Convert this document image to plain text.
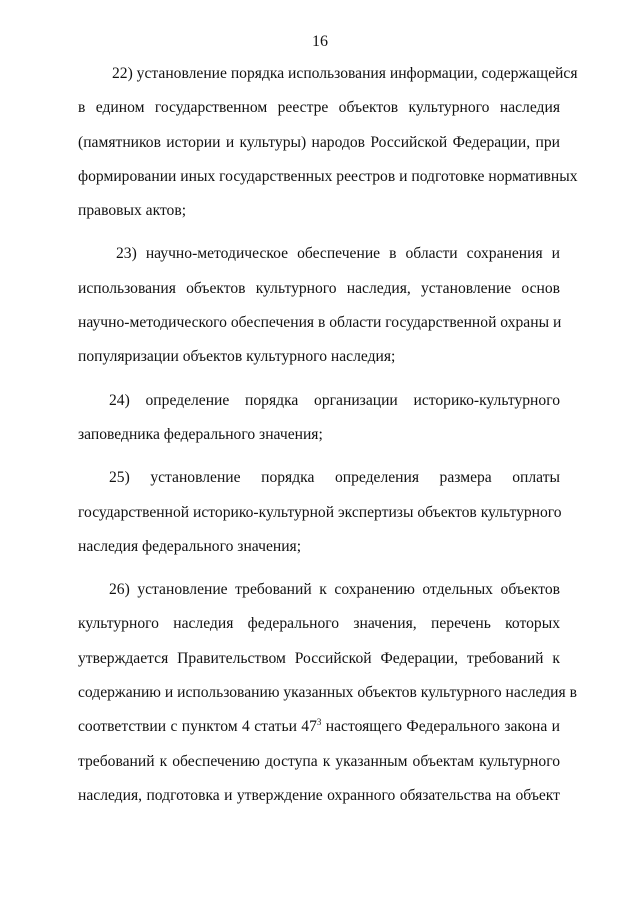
16
22) установление порядка использования информации, содержащейся
в едином государственном реестре объектов культурного наследия
(памятников истории и культуры) народов Российской Федерации, при
формировании иных государственных реестров и подготовке нормативных
правовых актов;
23) научно-методическое обеспечение в области сохранения и
использования объектов культурного наследия, установление основ
научно-методического обеспечения в области государственной охраны и
популяризации объектов культурного наследия;
24) определение порядка организации историко-культурного
заповедника федерального значения;
25) установление порядка определения размера оплаты
государственной историко-культурной экспертизы объектов культурного
наследия федерального значения;
26) установление требований к сохранению отдельных объектов
культурного наследия федерального значения, перечень которых
утверждается Правительством Российской Федерации, требований к
содержанию и использованию указанных объектов культурного наследия в
соответствии с пунктом 4 статьи $47^3$ настоящего Федерального закона и
требований к обеспечению доступа к указанным объектам культурного
наследия, подготовка и утверждение охранного обязательства на объект
